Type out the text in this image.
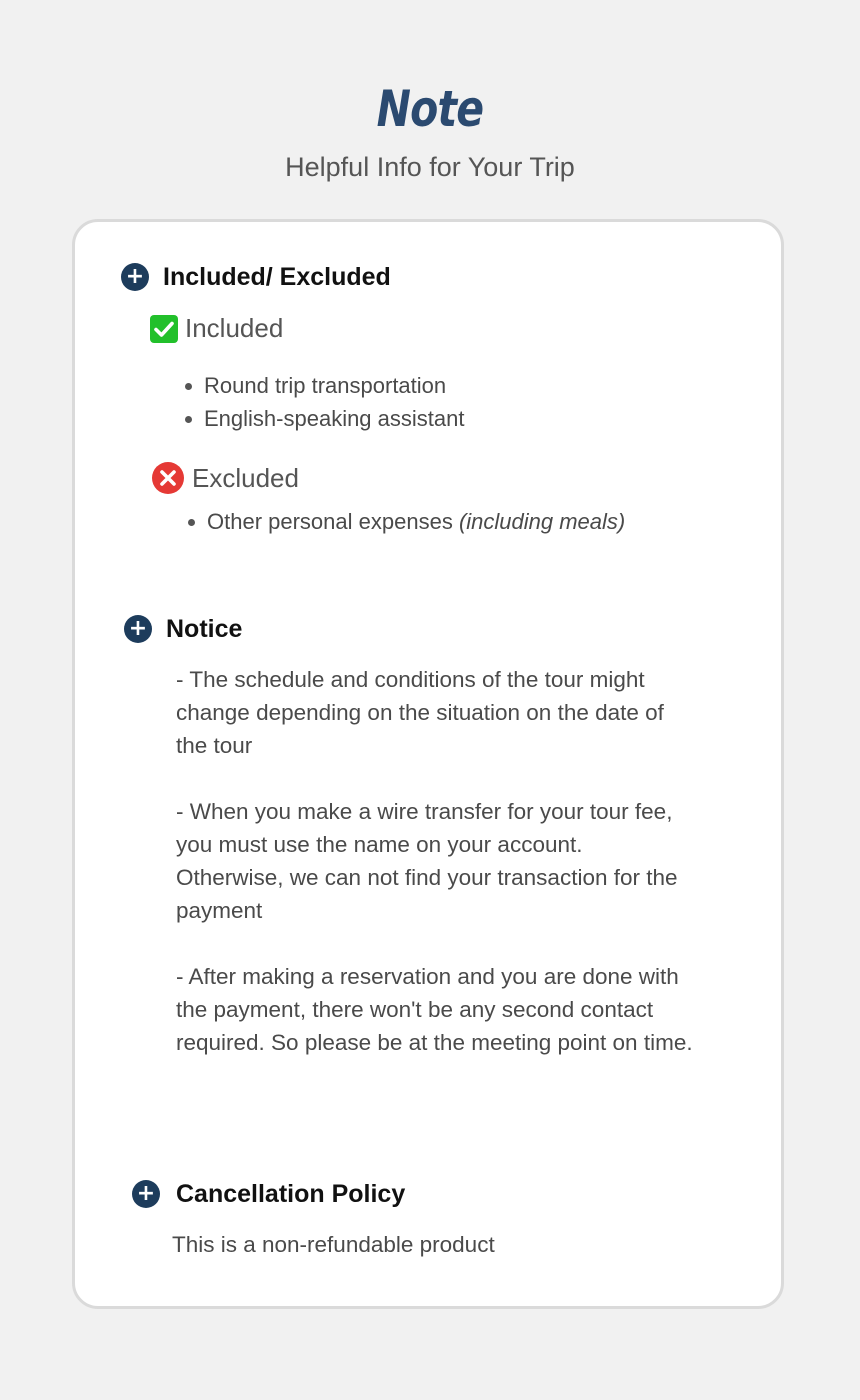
Note
Helpful Info for Your Trip
+ Included/ Excluded
Included
Round trip transportation
English-speaking assistant
Excluded
Other personal expenses (including meals)
+ Notice
- The schedule and conditions of the tour might change depending on the situation on the date of the tour
- When you make a wire transfer for your tour fee, you must use the name on your account. Otherwise, we can not find your transaction for the payment
- After making a reservation and you are done with the payment, there won't be any second contact required. So please be at the meeting point on time.
+ Cancellation Policy
This is a non-refundable product
